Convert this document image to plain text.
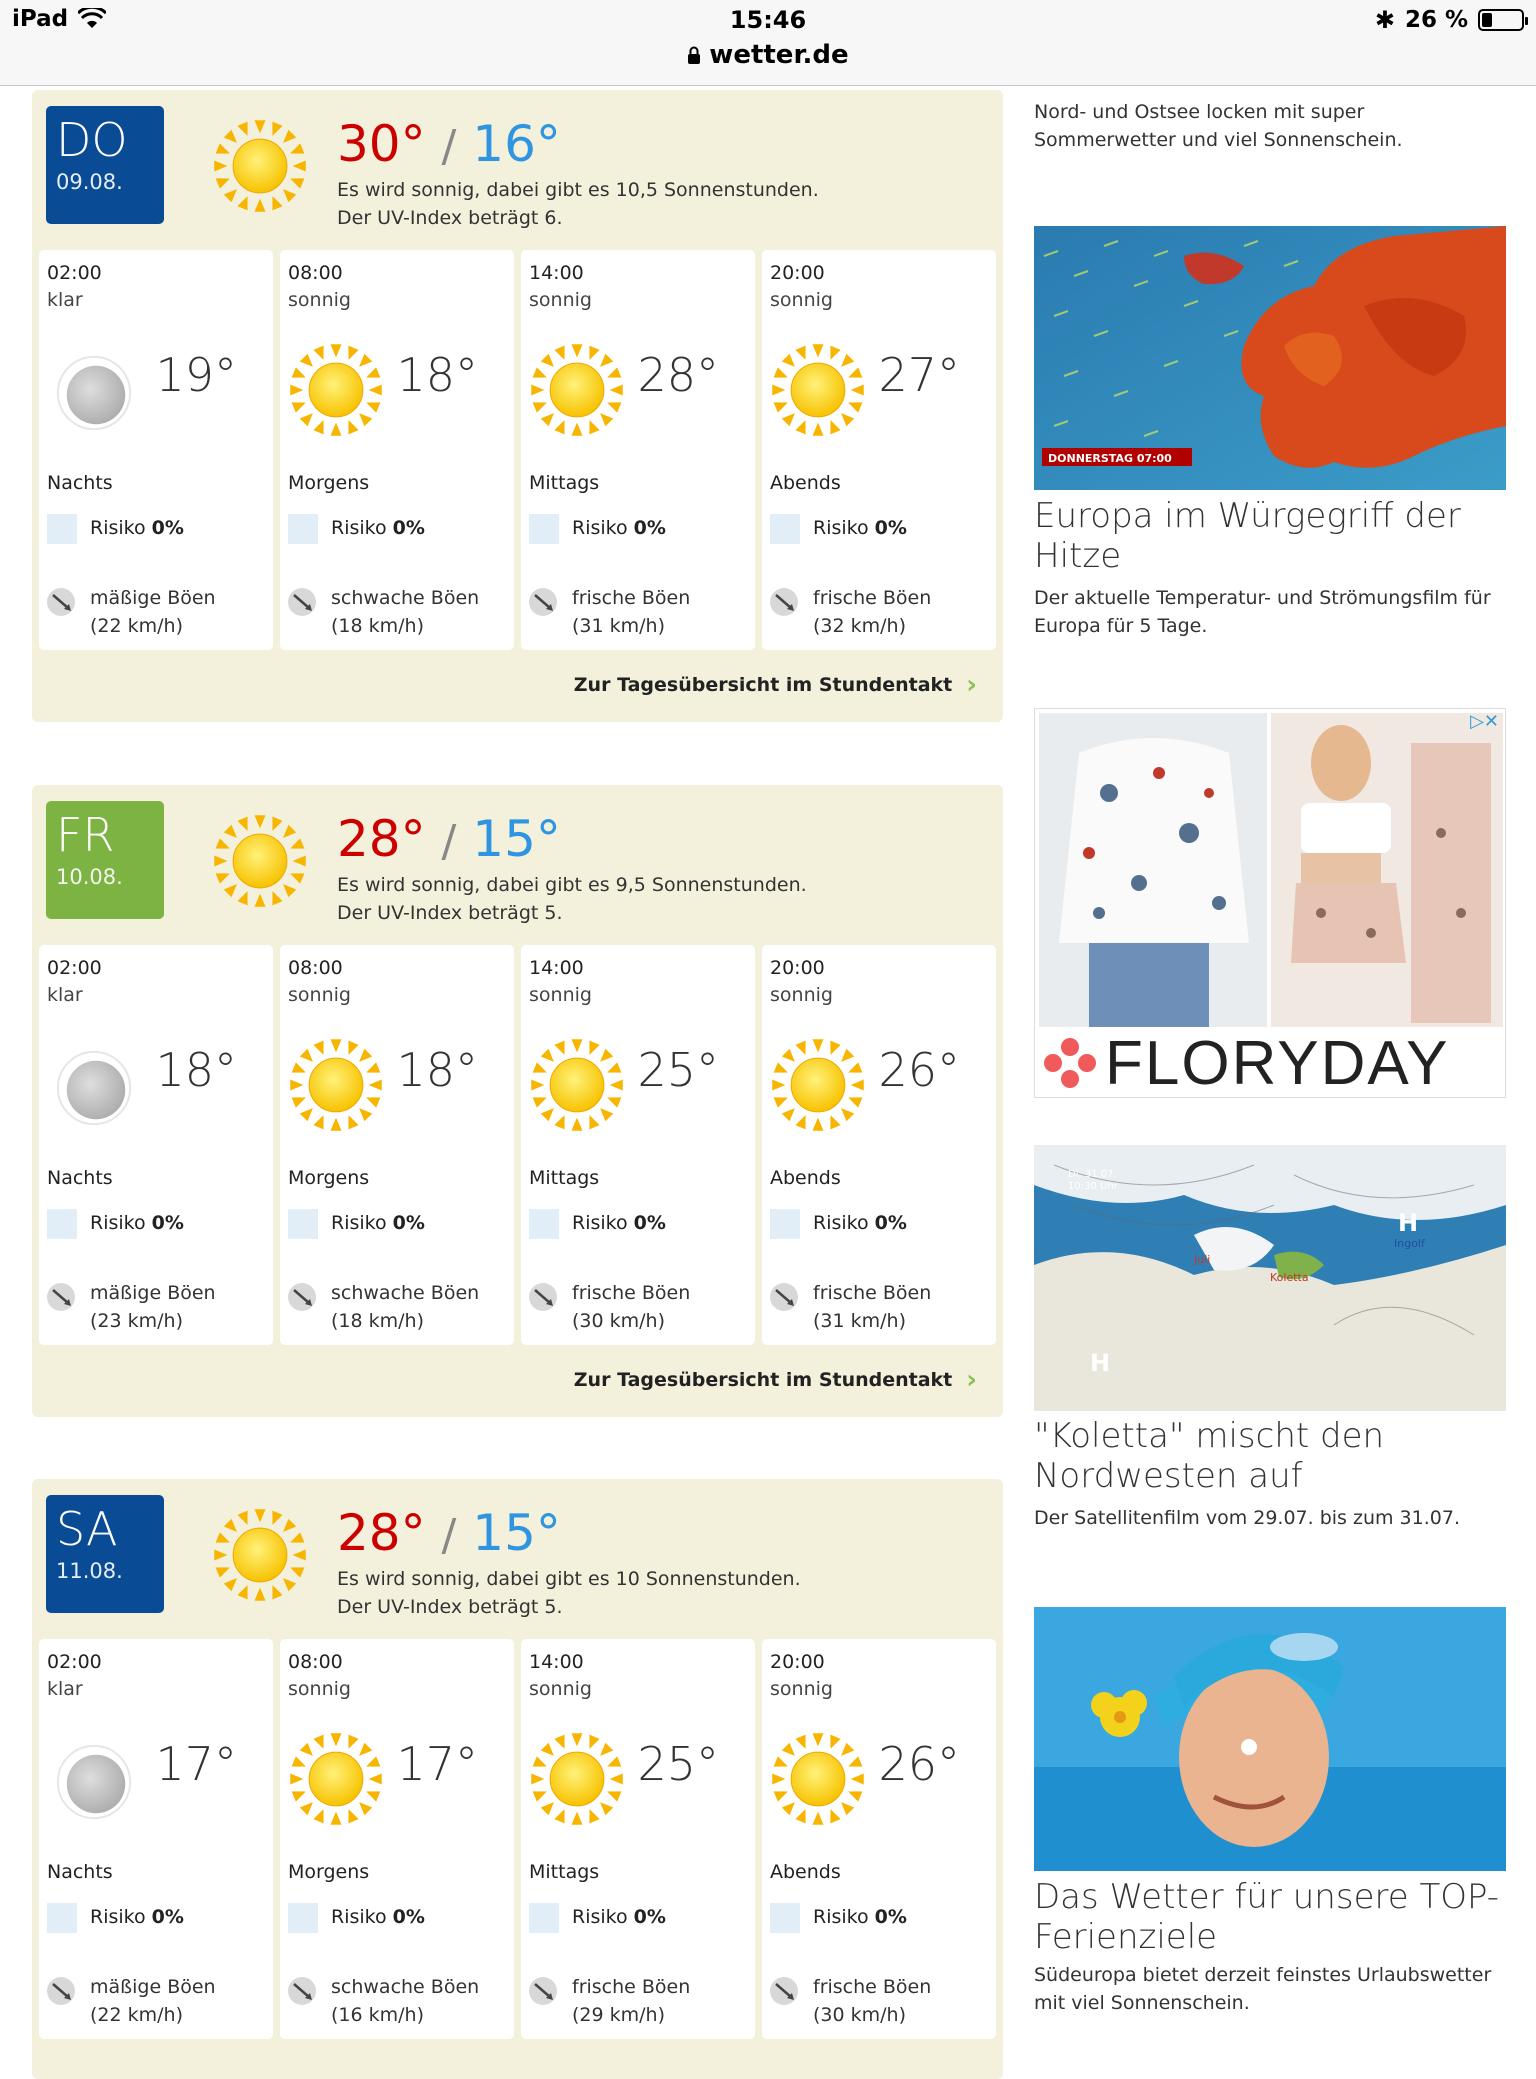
iPad	15:46
wetter.de
✱ 26 %
DO
09.08.
30° / 16°
Es wird sonnig, dabei gibt es 10,5 Sonnenstunden.
Der UV-Index beträgt 6.
02:00
klar
19°
Nachts
Risiko 0%
mäßige Böen
(22 km/h)
08:00
sonnig
18°
Morgens
Risiko 0%
schwache Böen
(18 km/h)
14:00
sonnig
28°
Mittags
Risiko 0%
frische Böen
(31 km/h)
20:00
sonnig
27°
Abends
Risiko 0%
frische Böen
(32 km/h)
Zur Tagesübersicht im Stundentakt ›
FR
10.08.
28° / 15°
Es wird sonnig, dabei gibt es 9,5 Sonnenstunden.
Der UV-Index beträgt 5.
02:00
klar
18°
Nachts
Risiko 0%
mäßige Böen
(23 km/h)
08:00
sonnig
18°
Morgens
Risiko 0%
schwache Böen
(18 km/h)
14:00
sonnig
25°
Mittags
Risiko 0%
frische Böen
(30 km/h)
20:00
sonnig
26°
Abends
Risiko 0%
frische Böen
(31 km/h)
Zur Tagesübersicht im Stundentakt ›
SA
11.08.
28° / 15°
Es wird sonnig, dabei gibt es 10 Sonnenstunden.
Der UV-Index beträgt 5.
02:00
klar
17°
Nachts
Risiko 0%
mäßige Böen
(22 km/h)
08:00
sonnig
17°
Morgens
Risiko 0%
schwache Böen
(16 km/h)
14:00
sonnig
25°
Mittags
Risiko 0%
frische Böen
(29 km/h)
20:00
sonnig
26°
Abends
Risiko 0%
frische Böen
(30 km/h)
Nord- und Ostsee locken mit super
Sommerwetter und viel Sonnenschein.
DONNERSTAG 07:00
Europa im Würgegriff der
Hitze
Der aktuelle Temperatur- und Strömungsfilm für
Europa für 5 Tage.
▷✕
FLORYDAY
Di, 31.07.
10:30 Uhr
Juli
Koletta
Ingolf
H
H
"Koletta" mischt den
Nordwesten auf
Der Satellitenfilm vom 29.07. bis zum 31.07.
Das Wetter für unsere TOP-
Ferienziele
Südeuropa bietet derzeit feinstes Urlaubswetter
mit viel Sonnenschein.
